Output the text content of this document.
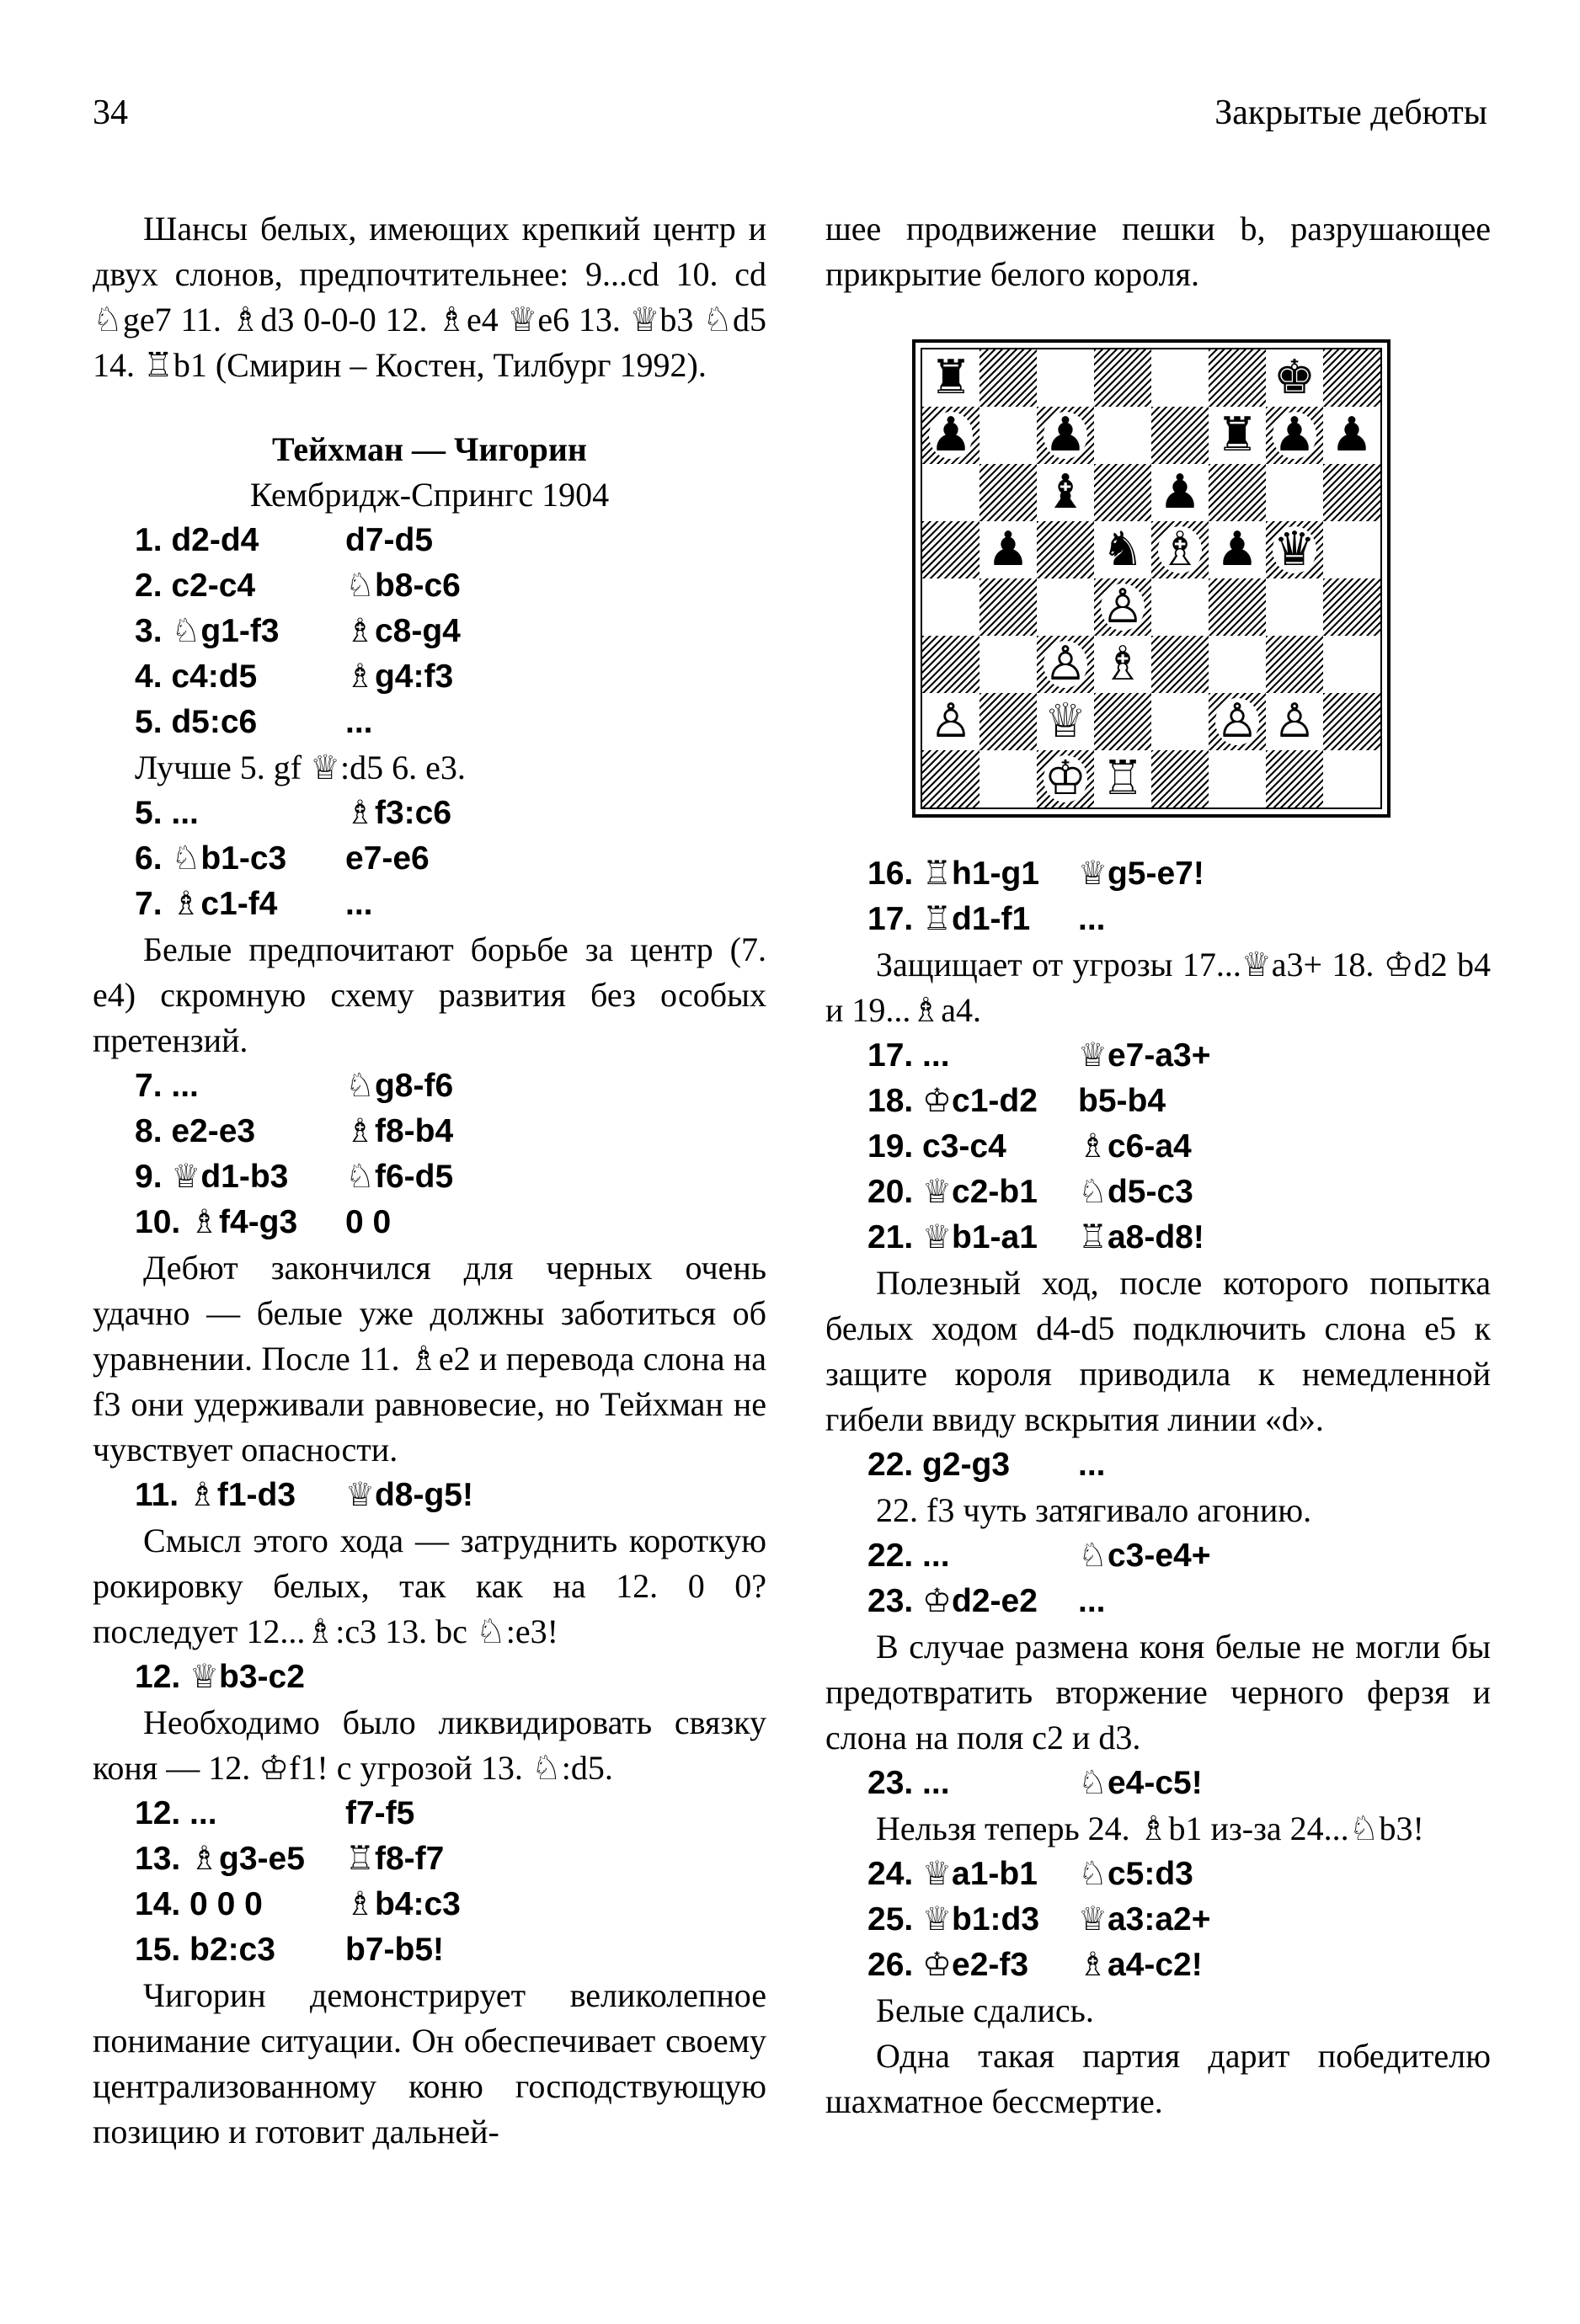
34	Закрытые дебюты

Шансы белых, имеющих крепкий центр и двух слонов, предпочтительнее: 9...cd 10. cd ♘ge7 11. ♗d3 0-0-0 12. ♗e4 ♕e6 13. ♕b3 ♘d5 14. ♖b1 (Смирин – Костен, Тилбург 1992).

Тейхман — Чигорин
Кембридж-Спрингс 1904
1. d2-d4	d7-d5
2. c2-c4	♘b8-c6
3. ♘g1-f3	♗c8-g4
4. c4:d5	♗g4:f3
5. d5:c6	...

Лучше 5. gf ♕:d5 6. e3.

5. ...	♗f3:c6
6. ♘b1-c3	e7-e6
7. ♗c1-f4	...

Белые предпочитают борьбе за центр (7. e4) скромную схему развития без особых претензий.

7. ...	♘g8-f6
8. e2-e3	♗f8-b4
9. ♕d1-b3	♘f6-d5
10. ♗f4-g3	0 0

Дебют закончился для черных очень удачно — белые уже должны заботиться об уравнении. После 11. ♗e2 и перевода слона на f3 они удерживали равновесие, но Тейхман не чувствует опасности.

11. ♗f1-d3	♕d8-g5!

Смысл этого хода — затруднить короткую рокировку белых, так как на 12. 0 0? последует 12...♗:c3 13. bc ♘:e3!

12. ♕b3-c2

Необходимо было ликвидировать связку коня — 12. ♔f1! с угрозой 13. ♘:d5.

12. ...	f7-f5
13. ♗g3-e5	♖f8-f7
14. 0 0 0	♗b4:c3
15. b2:c3	b7-b5!

Чигорин демонстрирует великолепное понимание ситуации. Он обеспечивает своему централизованному коню господствующую позицию и готовит дальней-

шее продвижение пешки b, разрушающее прикрытие белого короля.

♜	♚
♟ ♟	♜ ♟ ♟
♝ ♟
♟ ♞ ♗ ♟ ♛
♙
♙ ♗
♙ ♕	♙ ♙
♔ ♖
16. ♖h1-g1	♕g5-e7!
17. ♖d1-f1	...

Защищает от угрозы 17...♕a3+ 18. ♔d2 b4 и 19...♗a4.

17. ...	♕e7-a3+
18. ♔c1-d2	b5-b4
19. c3-c4	♗c6-a4
20. ♕c2-b1	♘d5-c3
21. ♕b1-a1	♖a8-d8!

Полезный ход, после которого попытка белых ходом d4-d5 подключить слона e5 к защите короля приводила к немедленной гибели ввиду вскрытия линии «d».

22. g2-g3	...

22. f3 чуть затягивало агонию.

22. ...	♘c3-e4+
23. ♔d2-e2	...

В случае размена коня белые не могли бы предотвратить вторжение черного ферзя и слона на поля c2 и d3.

23. ...	♘e4-c5!

Нельзя теперь 24. ♗b1 из-за 24...♘b3!

24. ♕a1-b1	♘c5:d3
25. ♕b1:d3	♕a3:a2+
26. ♔e2-f3	♗a4-c2!

Белые сдались.

Одна такая партия дарит победителю шахматное бессмертие.
